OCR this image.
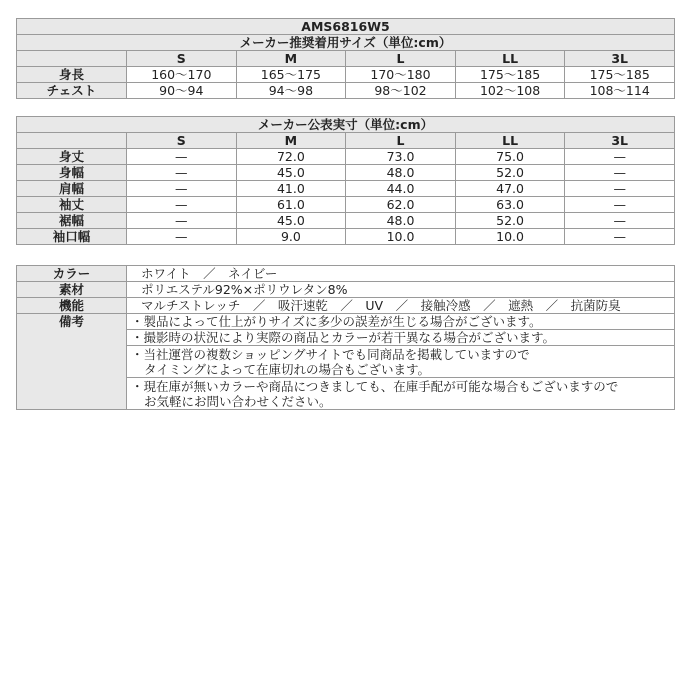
AMS6816W5					
メーカー推奨着用サイズ（単位:cm）					
	S	M	L	LL	3L
身長	160～170	165～175	170～180	175～185	175～185
チェスト	90～94	94～98	98～102	102～108	108～114
メーカー公表実寸（単位:cm）					
	S	M	L	LL	3L
身丈	—	72.0	73.0	75.0	—
身幅	—	45.0	48.0	52.0	—
肩幅	—	41.0	44.0	47.0	—
袖丈	—	61.0	62.0	63.0	—
裾幅	—	45.0	48.0	52.0	—
袖口幅	—	9.0	10.0	10.0	—
カラー	ホワイト　／　ネイビー
素材	ポリエステル92%×ポリウレタン8%
機能	マルチストレッチ　／　吸汗速乾　／　UV　／　接触冷感　／　遮熱　／　抗菌防臭
備考	・製品によって仕上がりサイズに多少の誤差が生じる場合がございます。
	・撮影時の状況により実際の商品とカラーが若干異なる場合がございます。
	・当社運営の複数ショッピングサイトでも同商品を掲載していますので

タイミングによって在庫切れの場合もございます。

	・現在庫が無いカラーや商品につきましても、在庫手配が可能な場合もございますので

お気軽にお問い合わせください。
